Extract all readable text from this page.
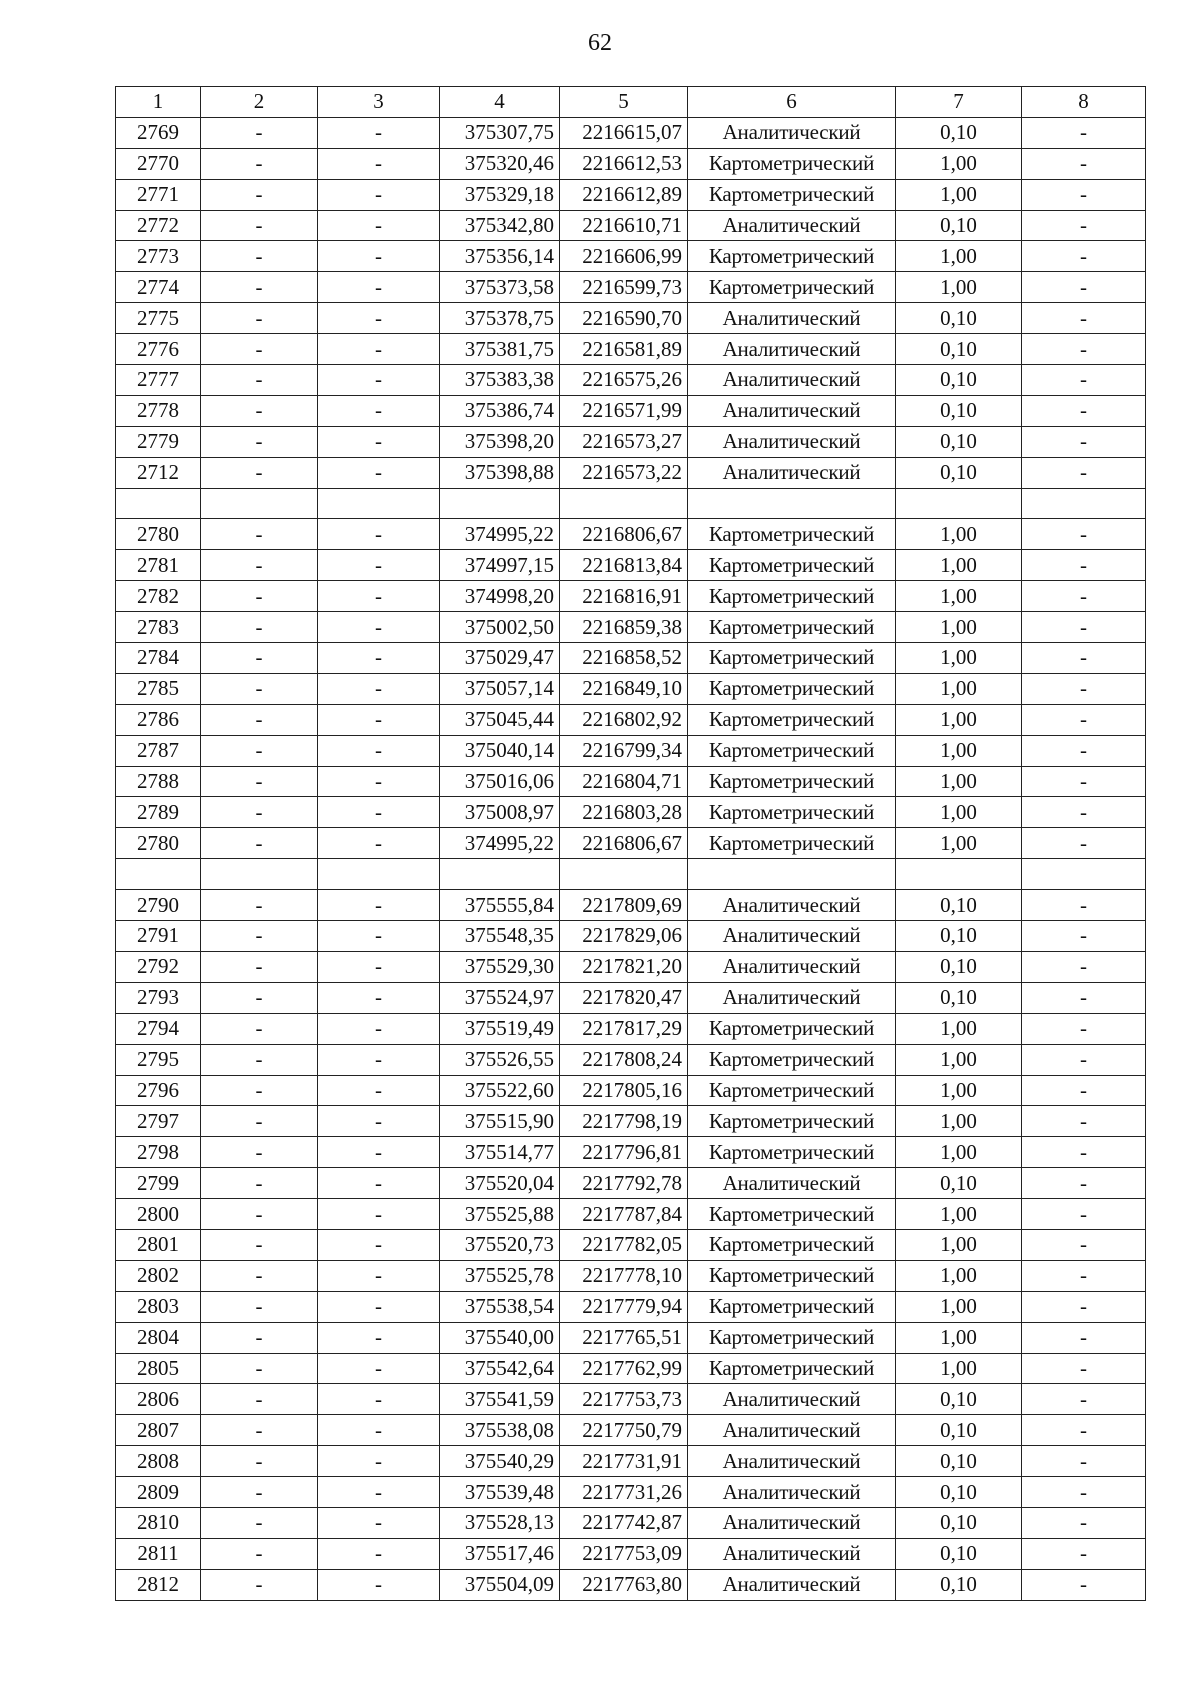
62
1	2	3	4	5	6	7	8
2769	-	-	375307,75	2216615,07	Аналитический	0,10	-
2770	-	-	375320,46	2216612,53	Картометрический	1,00	-
2771	-	-	375329,18	2216612,89	Картометрический	1,00	-
2772	-	-	375342,80	2216610,71	Аналитический	0,10	-
2773	-	-	375356,14	2216606,99	Картометрический	1,00	-
2774	-	-	375373,58	2216599,73	Картометрический	1,00	-
2775	-	-	375378,75	2216590,70	Аналитический	0,10	-
2776	-	-	375381,75	2216581,89	Аналитический	0,10	-
2777	-	-	375383,38	2216575,26	Аналитический	0,10	-
2778	-	-	375386,74	2216571,99	Аналитический	0,10	-
2779	-	-	375398,20	2216573,27	Аналитический	0,10	-
2712	-	-	375398,88	2216573,22	Аналитический	0,10	-

2780	-	-	374995,22	2216806,67	Картометрический	1,00	-
2781	-	-	374997,15	2216813,84	Картометрический	1,00	-
2782	-	-	374998,20	2216816,91	Картометрический	1,00	-
2783	-	-	375002,50	2216859,38	Картометрический	1,00	-
2784	-	-	375029,47	2216858,52	Картометрический	1,00	-
2785	-	-	375057,14	2216849,10	Картометрический	1,00	-
2786	-	-	375045,44	2216802,92	Картометрический	1,00	-
2787	-	-	375040,14	2216799,34	Картометрический	1,00	-
2788	-	-	375016,06	2216804,71	Картометрический	1,00	-
2789	-	-	375008,97	2216803,28	Картометрический	1,00	-
2780	-	-	374995,22	2216806,67	Картометрический	1,00	-

2790	-	-	375555,84	2217809,69	Аналитический	0,10	-
2791	-	-	375548,35	2217829,06	Аналитический	0,10	-
2792	-	-	375529,30	2217821,20	Аналитический	0,10	-
2793	-	-	375524,97	2217820,47	Аналитический	0,10	-
2794	-	-	375519,49	2217817,29	Картометрический	1,00	-
2795	-	-	375526,55	2217808,24	Картометрический	1,00	-
2796	-	-	375522,60	2217805,16	Картометрический	1,00	-
2797	-	-	375515,90	2217798,19	Картометрический	1,00	-
2798	-	-	375514,77	2217796,81	Картометрический	1,00	-
2799	-	-	375520,04	2217792,78	Аналитический	0,10	-
2800	-	-	375525,88	2217787,84	Картометрический	1,00	-
2801	-	-	375520,73	2217782,05	Картометрический	1,00	-
2802	-	-	375525,78	2217778,10	Картометрический	1,00	-
2803	-	-	375538,54	2217779,94	Картометрический	1,00	-
2804	-	-	375540,00	2217765,51	Картометрический	1,00	-
2805	-	-	375542,64	2217762,99	Картометрический	1,00	-
2806	-	-	375541,59	2217753,73	Аналитический	0,10	-
2807	-	-	375538,08	2217750,79	Аналитический	0,10	-
2808	-	-	375540,29	2217731,91	Аналитический	0,10	-
2809	-	-	375539,48	2217731,26	Аналитический	0,10	-
2810	-	-	375528,13	2217742,87	Аналитический	0,10	-
2811	-	-	375517,46	2217753,09	Аналитический	0,10	-
2812	-	-	375504,09	2217763,80	Аналитический	0,10	-
